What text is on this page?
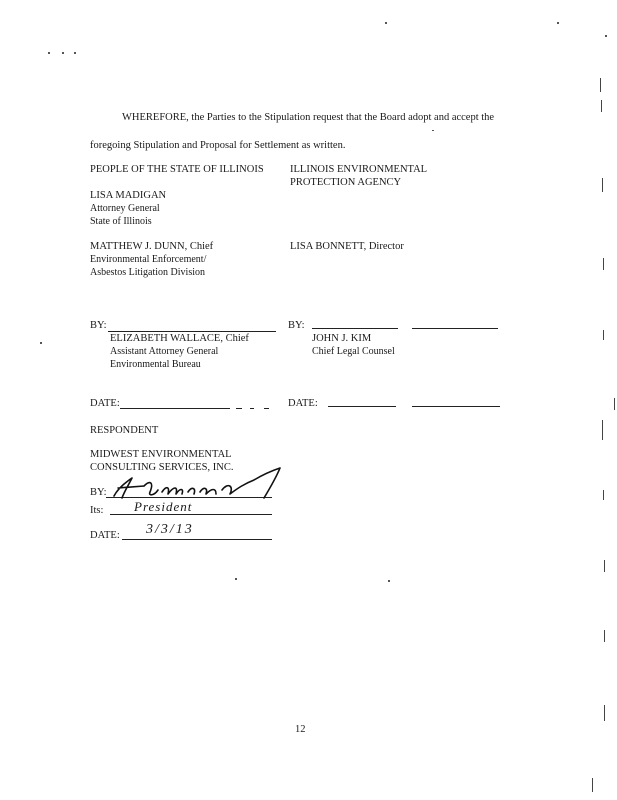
WHEREFORE, the Parties to the Stipulation request that the Board adopt and accept the
foregoing Stipulation and Proposal for Settlement as written.
PEOPLE OF THE STATE OF ILLINOIS
LISA MADIGAN
Attorney General
State of Illinois
MATTHEW J. DUNN, Chief
Environmental Enforcement/
Asbestos Litigation Division
BY:
ELIZABETH WALLACE, Chief
Assistant Attorney General
Environmental Bureau
DATE:
ILLINOIS ENVIRONMENTAL
PROTECTION AGENCY
LISA BONNETT, Director
BY:
JOHN J. KIM
Chief Legal Counsel
DATE:
RESPONDENT
MIDWEST ENVIRONMENTAL
CONSULTING SERVICES, INC.
BY:
Its: President
DATE: 3/3/13
12
